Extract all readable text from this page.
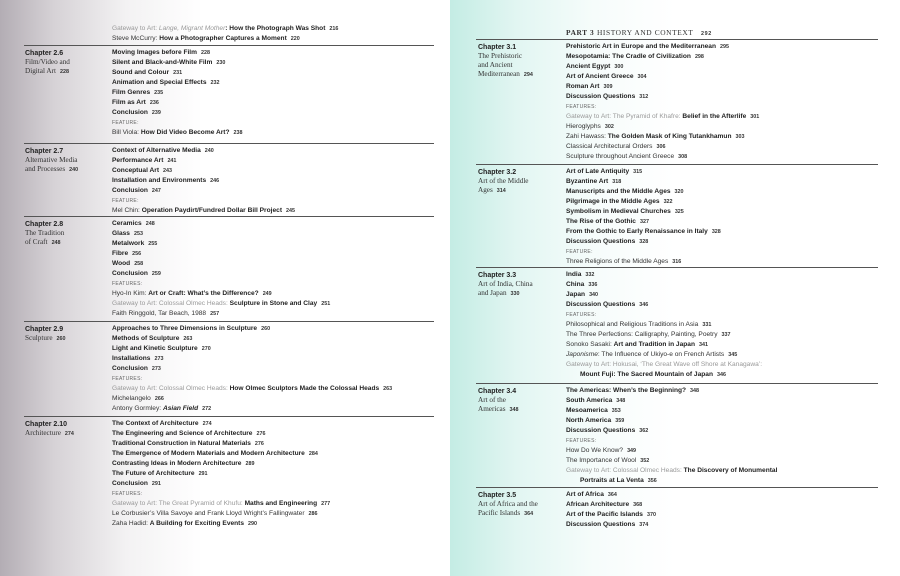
Gateway to Art: Lange, Migrant Mother: How the Photograph Was Shot 216
Steve McCurry: How a Photographer Captures a Moment 220
Chapter 2.6
Film/Video and
Digital Art 228
Moving Images before Film 228
Silent and Black-and-White Film 230
Sound and Colour 231
Animation and Special Effects 232
Film Genres 235
Film as Art 236
Conclusion 239
FEATURE:
Bill Viola: How Did Video Become Art? 238
Chapter 2.7
Alternative Media
and Processes 240
Context of Alternative Media 240
Performance Art 241
Conceptual Art 243
Installation and Environments 246
Conclusion 247
FEATURE:
Mel Chin: Operation Paydirt/Fundred Dollar Bill Project 245
Chapter 2.8
The Tradition
of Craft 248
Ceramics 248
Glass 253
Metalwork 255
Fibre 256
Wood 258
Conclusion 259
FEATURES:
Hyo-In Kim: Art or Craft: What’s the Difference? 249
Gateway to Art: Colossal Olmec Heads: Sculpture in Stone and Clay 251
Faith Ringgold, Tar Beach, 1988 257
Chapter 2.9
Sculpture 260
Approaches to Three Dimensions in Sculpture 260
Methods of Sculpture 263
Light and Kinetic Sculpture 270
Installations 273
Conclusion 273
FEATURES:
Gateway to Art: Colossal Olmec Heads: How Olmec Sculptors Made the Colossal Heads 263
Michelangelo 266
Antony Gormley: Asian Field 272
Chapter 2.10
Architecture 274
The Context of Architecture 274
The Engineering and Science of Architecture 276
Traditional Construction in Natural Materials 276
The Emergence of Modern Materials and Modern Architecture 284
Contrasting Ideas in Modern Architecture 289
The Future of Architecture 291
Conclusion 291
FEATURES:
Gateway to Art: The Great Pyramid of Khufu: Maths and Engineering 277
Le Corbusier’s Villa Savoye and Frank Lloyd Wright’s Fallingwater 286
Zaha Hadid: A Building for Exciting Events 290
PART 3 HISTORY AND CONTEXT 292
Chapter 3.1
The Prehistoric
and Ancient
Mediterranean 294
Prehistoric Art in Europe and the Mediterranean 295
Mesopotamia: The Cradle of Civilization 298
Ancient Egypt 300
Art of Ancient Greece 304
Roman Art 309
Discussion Questions 312
FEATURES:
Gateway to Art: The Pyramid of Khafre: Belief in the Afterlife 301
Hieroglyphs 302
Zahi Hawass: The Golden Mask of King Tutankhamun 303
Classical Architectural Orders 306
Sculpture throughout Ancient Greece 308
Chapter 3.2
Art of the Middle
Ages 314
Art of Late Antiquity 315
Byzantine Art 318
Manuscripts and the Middle Ages 320
Pilgrimage in the Middle Ages 322
Symbolism in Medieval Churches 325
The Rise of the Gothic 327
From the Gothic to Early Renaissance in Italy 328
Discussion Questions 328
FEATURE:
Three Religions of the Middle Ages 316
Chapter 3.3
Art of India, China
and Japan 330
India 332
China 336
Japan 340
Discussion Questions 346
FEATURES:
Philosophical and Religious Traditions in Asia 331
The Three Perfections: Calligraphy, Painting, Poetry 337
Sonoko Sasaki: Art and Tradition in Japan 341
Japonisme: The Influence of Ukiyo-e on French Artists 345
Gateway to Art: Hokusai, ‘The Great Wave off Shore at Kanagawa’:
Mount Fuji: The Sacred Mountain of Japan 346
Chapter 3.4
Art of the
Americas 348
The Americas: When’s the Beginning? 348
South America 348
Mesoamerica 353
North America 359
Discussion Questions 362
FEATURES:
How Do We Know? 349
The Importance of Wool 352
Gateway to Art: Colossal Olmec Heads: The Discovery of Monumental
Portraits at La Venta 356
Chapter 3.5
Art of Africa and the
Pacific Islands 364
Art of Africa 364
African Architecture 368
Art of the Pacific Islands 370
Discussion Questions 374
